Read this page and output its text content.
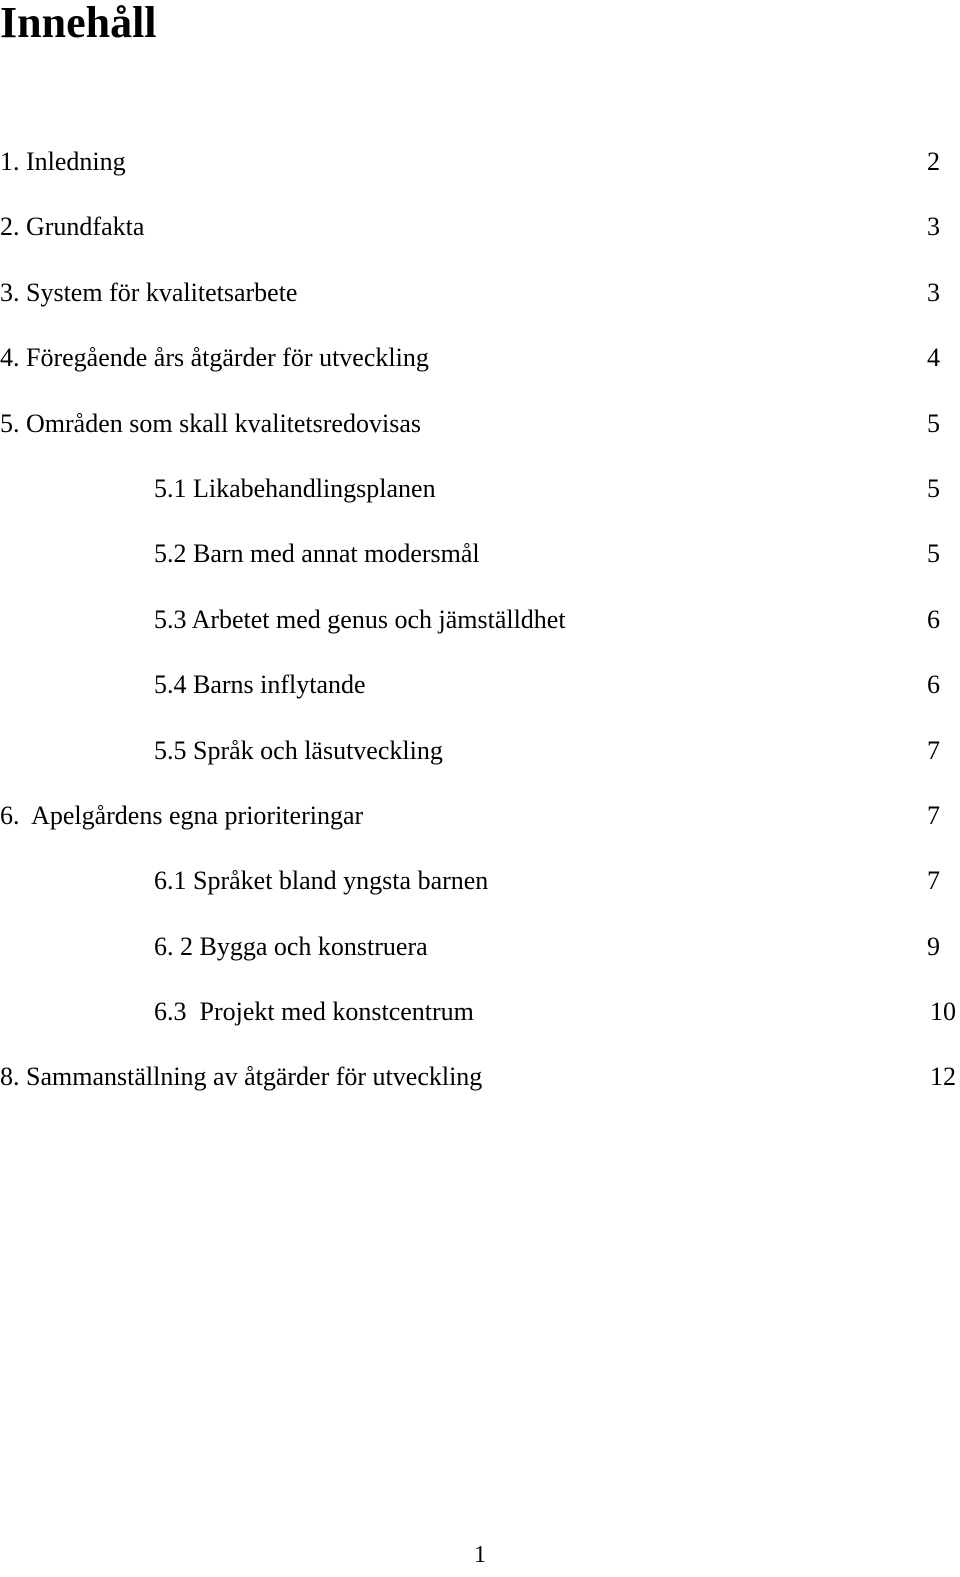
Innehåll
1. Inledning	2
2. Grundfakta	3
3. System för kvalitetsarbete	3
4. Föregående års åtgärder för utveckling	4
5. Områden som skall kvalitetsredovisas	5
5.1 Likabehandlingsplanen	5
5.2 Barn med annat modersmål	5
5.3 Arbetet med genus och jämställdhet	6
5.4 Barns inflytande	6
5.5 Språk och läsutveckling	7
6.  Apelgårdens egna prioriteringar	7
6.1 Språket bland yngsta barnen	7
6. 2 Bygga och konstruera	9
6.3  Projekt med konstcentrum	10
8. Sammanställning av åtgärder för utveckling	12
1
